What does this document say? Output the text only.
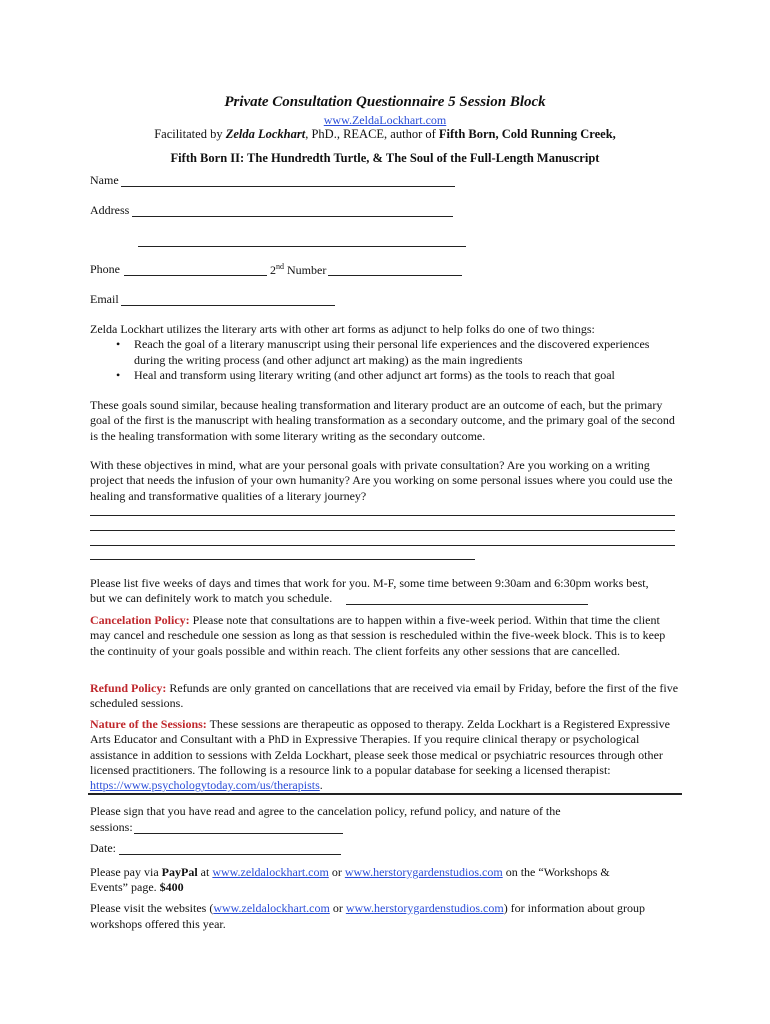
Private Consultation Questionnaire 5 Session Block
www.ZeldaLockhart.com
Facilitated by Zelda Lockhart, PhD., REACE, author of Fifth Born, Cold Running Creek,
Fifth Born II: The Hundredth Turtle, & The Soul of the Full-Length Manuscript
Name
Address
Phone	2nd Number
Email
Zelda Lockhart utilizes the literary arts with other art forms as adjunct to help folks do one of two things:
• Reach the goal of a literary manuscript using their personal life experiences and the discovered experiences during the writing process (and other adjunct art making) as the main ingredients
• Heal and transform using literary writing (and other adjunct art forms) as the tools to reach that goal
These goals sound similar, because healing transformation and literary product are an outcome of each, but the primary goal of the first is the manuscript with healing transformation as a secondary outcome, and the primary goal of the second is the healing transformation with some literary writing as the secondary outcome.
With these objectives in mind, what are your personal goals with private consultation? Are you working on a writing project that needs the infusion of your own humanity? Are you working on some personal issues where you could use the healing and transformative qualities of a literary journey?
Please list five weeks of days and times that work for you. M-F, some time between 9:30am and 6:30pm works best,
but we can definitely work to match you schedule.
Cancelation Policy: Please note that consultations are to happen within a five-week period. Within that time the client may cancel and reschedule one session as long as that session is rescheduled within the five-week block. This is to keep the continuity of your goals possible and within reach. The client forfeits any other sessions that are cancelled.
Refund Policy: Refunds are only granted on cancellations that are received via email by Friday, before the first of the five scheduled sessions.
Nature of the Sessions: These sessions are therapeutic as opposed to therapy. Zelda Lockhart is a Registered Expressive Arts Educator and Consultant with a PhD in Expressive Therapies. If you require clinical therapy or psychological assistance in addition to sessions with Zelda Lockhart, please seek those medical or psychiatric resources through other licensed practitioners. The following is a resource link to a popular database for seeking a licensed therapist: https://www.psychologytoday.com/us/therapists.
Please sign that you have read and agree to the cancelation policy, refund policy, and nature of the
sessions:
Date:
Please pay via PayPal at www.zeldalockhart.com or www.herstorygardenstudios.com on the “Workshops &
Events” page. $400
Please visit the websites (www.zeldalockhart.com or www.herstorygardenstudios.com) for information about group
workshops offered this year.
